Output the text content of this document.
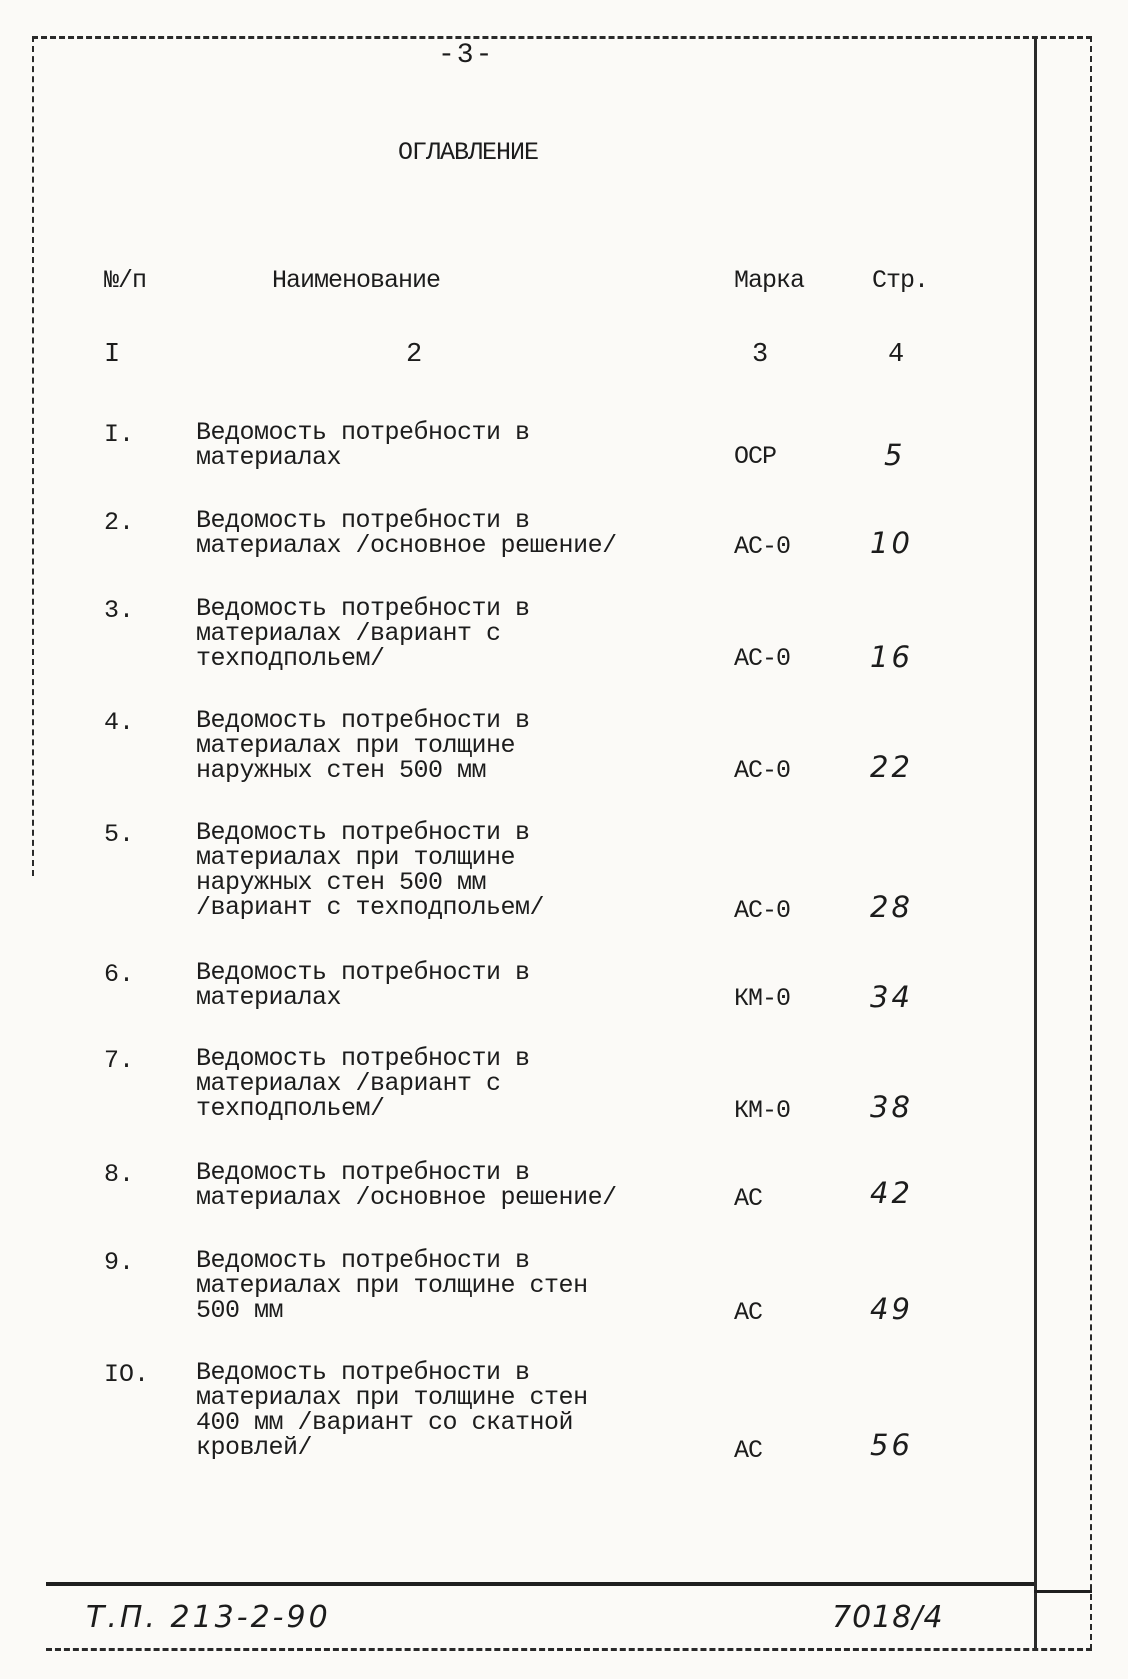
-3-
ОГЛАВЛЕНИЕ
№/п	Наименование	Марка	Стр.
I	2	3	4
I. Ведомость потребности в
материалах	ОСР	5
2. Ведомость потребности в
материалах /основное решение/	АС-0	10
3. Ведомость потребности в
материалах /вариант с
техподпольем/	АС-0	16
4. Ведомость потребности в
материалах при толщине
наружных стен 500 мм	АС-0	22
5. Ведомость потребности в
материалах при толщине
наружных стен 500 мм
/вариант с техподпольем/	АС-0	28
6. Ведомость потребности в
материалах	КМ-0	34
7. Ведомость потребности в
материалах /вариант с
техподпольем/	КМ-0	38
8. Ведомость потребности в
материалах /основное решение/	АС	42
9. Ведомость потребности в
материалах при толщине стен
500 мм	АС	49
IO. Ведомость потребности в
материалах при толщине стен
400 мм /вариант со скатной
кровлей/	АС	56
Т.П. 213-2-90	7018/4
